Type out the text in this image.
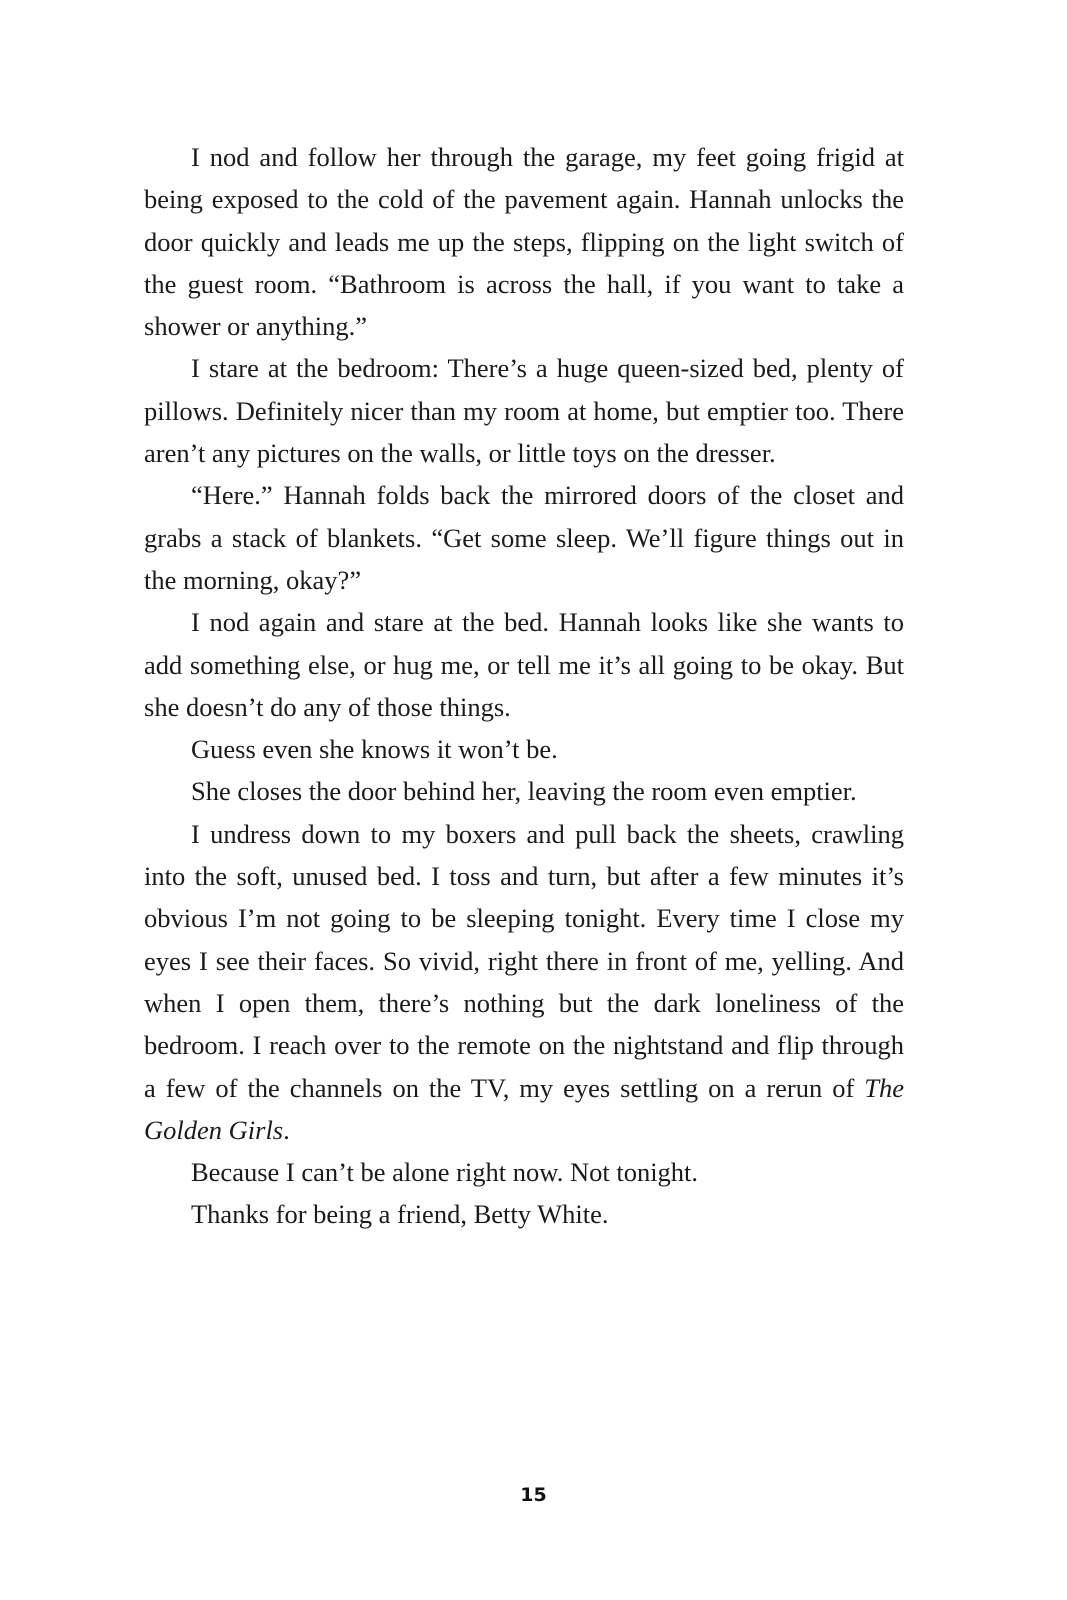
I nod and follow her through the garage, my feet going frigid at being exposed to the cold of the pavement again. Hannah unlocks the door quickly and leads me up the steps, flipping on the light switch of the guest room. “Bathroom is across the hall, if you want to take a shower or anything.”

I stare at the bedroom: There’s a huge queen-sized bed, plenty of pillows. Definitely nicer than my room at home, but emptier too. There aren’t any pictures on the walls, or little toys on the dresser.

“Here.” Hannah folds back the mirrored doors of the closet and grabs a stack of blankets. “Get some sleep. We’ll figure things out in the morning, okay?”

I nod again and stare at the bed. Hannah looks like she wants to add something else, or hug me, or tell me it’s all going to be okay. But she doesn’t do any of those things.

Guess even she knows it won’t be.

She closes the door behind her, leaving the room even emptier.

I undress down to my boxers and pull back the sheets, crawling into the soft, unused bed. I toss and turn, but after a few minutes it’s obvious I’m not going to be sleeping tonight. Every time I close my eyes I see their faces. So vivid, right there in front of me, yelling. And when I open them, there’s nothing but the dark loneliness of the bedroom. I reach over to the remote on the nightstand and flip through a few of the channels on the TV, my eyes settling on a rerun of The Golden Girls.

Because I can’t be alone right now. Not tonight.

Thanks for being a friend, Betty White.

15
